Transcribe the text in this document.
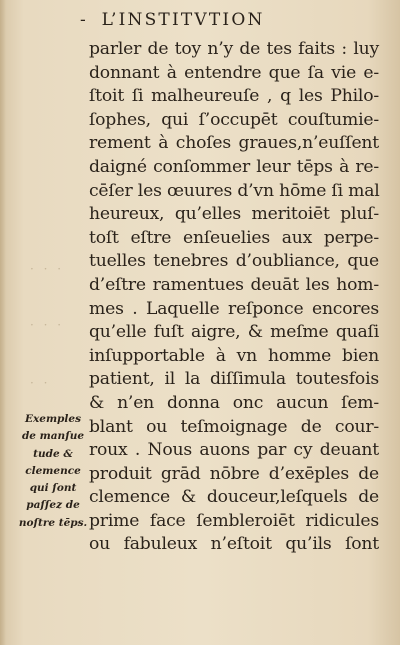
· · ·
· · ·
· ·
- L’INSTITVTION
parler de toy n’y de tes faits : luy
donnant à entendre que ſa vie e-
ſtoit ſi malheureuſe , q les Philo-
ſophes, qui ſ’occupēt couſtumie-
rement à choſes graues,n’euſſent
daigné conſommer leur tēps à re-
cēſer les œuures d’vn hōme ſi mal
heureux, qu’elles meritoiēt pluſ-
toſt eſtre enſeuelies aux perpe-
tuelles tenebres d’oubliance, que
d’eſtre ramentues deuāt les hom-
mes . Laquelle reſponce encores
qu’elle fuſt aigre, & meſme quaſi
inſupportable à vn homme bien
patient, il la diſſimula toutesfois
& n’en donna onc aucun ſem-
blant ou teſmoignage de cour-
roux . Nous auons par cy deuant
produit grād nōbre d’exēples de
clemence & douceur,leſquels de
prime face ſembleroiēt ridicules
ou fabuleux n’eſtoit qu’ils ſont
Exemples
de manſue
tude &
clemence
qui ſont
paſſez de
noſtre tēps.
